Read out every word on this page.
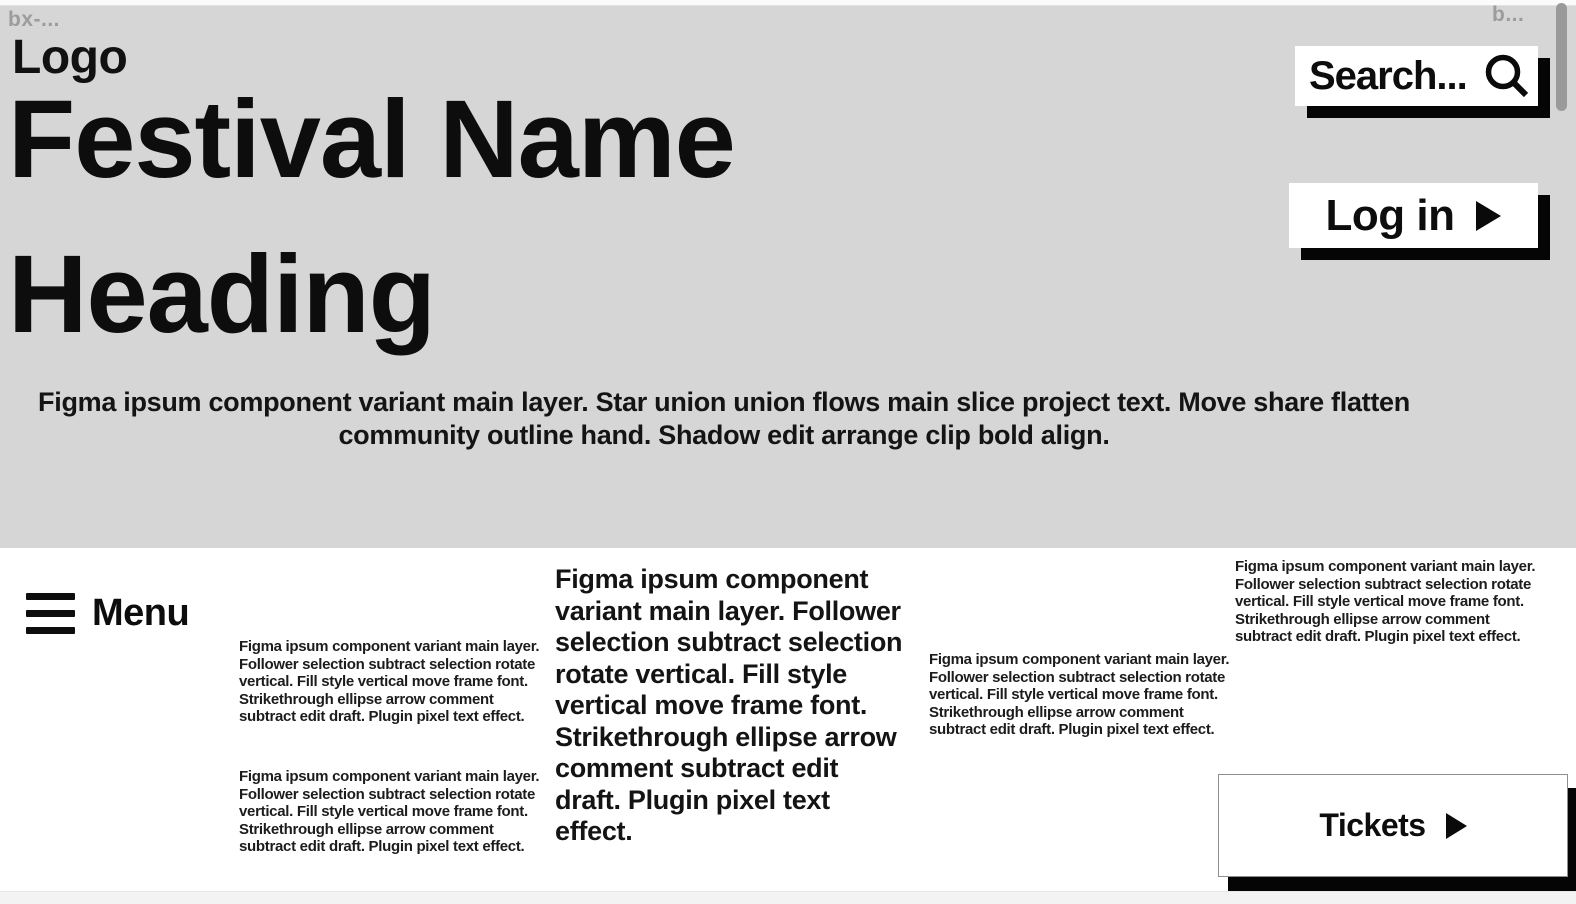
bx-...	b...
Logo
Search...
Log in
Festival Name
Heading
Figma ipsum component variant main layer. Star union union flows main slice project text. Move share flatten community outline hand. Shadow edit arrange clip bold align.
Menu
Figma ipsum component variant main layer. Follower selection subtract selection rotate vertical. Fill style vertical move frame font. Strikethrough ellipse arrow comment subtract edit draft. Plugin pixel text effect.
Figma ipsum component variant main layer. Follower selection subtract selection rotate vertical. Fill style vertical move frame font. Strikethrough ellipse arrow comment subtract edit draft. Plugin pixel text effect.
Figma ipsum component variant main layer. Follower selection subtract selection rotate vertical. Fill style vertical move frame font. Strikethrough ellipse arrow comment subtract edit draft. Plugin pixel text effect.
Figma ipsum component variant main layer. Follower selection subtract selection rotate vertical. Fill style vertical move frame font. Strikethrough ellipse arrow comment subtract edit draft. Plugin pixel text effect.
Figma ipsum component variant main layer. Follower selection subtract selection rotate vertical. Fill style vertical move frame font. Strikethrough ellipse arrow comment subtract edit draft. Plugin pixel text effect.
Tickets
